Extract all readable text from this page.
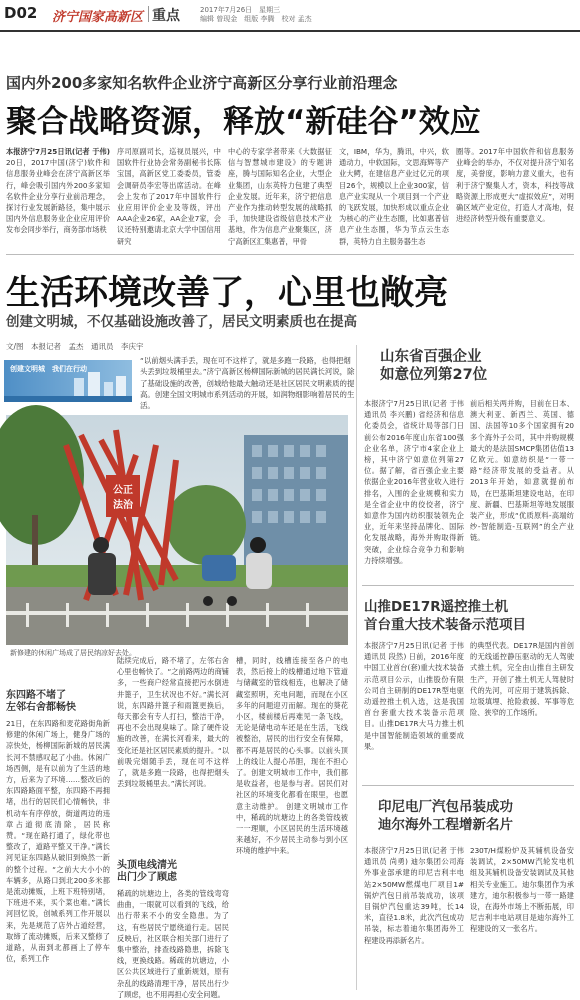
D02 济宁国家高新区 重点	2017年7月26日　星期三
编辑 曾现金　组版 李腾　校对 孟杰
国内外200多家知名软件企业济宁高新区分享行业前沿理念
聚合战略资源，释放“新硅谷”效应
本报济宁7月25日讯(记者 于伟) 20日，2017中国(济宁)软件和信息服务业峰会在济宁高新区举行，峰会吸引国内外200多家知名软件企业分享行业前沿理念，探讨行业发展新路径，集中展示国内外信息服务业企业应用评价发布会同步举行，商务部市场秩
序司原副司长，巡视员展兴，中国软件行业协会常务副秘书长陈宝国，高新区党工委委员，管委会调研员李宏等出席活动。在峰会上发布了2017年中国软件行业应用评价企业及等级，评出AAA企业26家，AA企业7家，会议还特别邀请北京大学中国信用研究
中心的专家学者带来《大数据征信与智慧城市建设》的专题讲座，腾与国际知名企业，大型企业集团，山东英特力包建了典型企业发展。近年来，济宁把信息产业作为推动转型发展的战略抓手，加快建设省级信息技术产业基地，作为信息产业聚集区，济宁高新区汇集惠普，甲骨
文，IBM，华为，腾讯，中兴，软通动力，中软国际，文思海辉等产业大鳄，在建信息产业过亿元的项目26个，规模以上企业300家，信息产业实现从一个项目到一个产业的飞跃发展，加快形成以重点企业为核心的产业生态圈，比如惠普信息产业生态圈，华为节点云生态群，英特力自主服务器生态
圈等。2017年中国软件和信息服务业峰会的举办，不仅对提升济宁知名度，美誉度，影响力意义重大，也有利于济宁聚集人才，资本，科技等战略资源上形成更大“虚拟效应”，对明确区域产业定位，打造人才高地，促进经济转型升级有重要意义。
生活环境改善了，心里也敞亮
创建文明城，不仅基础设施改善了，居民文明素质也在提高
文/图　本报记者　孟杰　通讯员　李庆宇
创建文明城　我们在行动
“以前烟头满手丢，现在可不这样了，就是多跑一段路，也得把烟头丢到垃圾桶里去。”济宁高新区杨柳国际新城的居民满长河说，除了基础设施的改善，创城给他最大触动还是社区居民文明素质的提高。创建全国文明城市系列活动的开展，如润物细影响着居民的生活。
公正
法治
新修建的休闲广场成了居民纳凉好去处。
东四路不堵了
左邻右舍都畅快
21日，在东四路和麦花路街角新修建的休闲广场上，健身广场的凉快处，杨柳国际新城的居民满长河不禁感叹起了小曲。休闲广场西侧，是有以前为了生活的地方，后来为了环境……整改后的东四路路面平整，东四路不再拥堵，出行的居民们心情畅快，非机动车有序停放，街道两边的违章占道彻底清除，居民称赞。“现在路打通了，绿化带也整改了，道路平整又干净。”满长河见证东四路从破旧到焕然一新的整个过程。“之前大大小小的车辆多，从路口到北200多米都是流动摊贩，上班下班特别堵，下班进不来，买个菜也难。”满长河回忆说，创城系列工作开展以来，先是规范了店外占道经营，取缔了流动摊贩，后来又整修了道路，从南到北都画上了停车位，系列工作
陆续完成后，路不堵了，左邻右舍心里也畅快了。“之前路两边的商铺多，一些商户经常直接把污水倒进井篦子，卫生状况也不好。”满长河说，东四路井篦子和雨篦更换后，每天都会有专人打扫，整洁干净，再也不会出现臭味了。除了硬件设施的改善，在满长河看来，最大的变化还是社区居民素质的提升。“以前吸完烟随手丢，现在可不这样了，就是多跑一段路，也得把烟头丢到垃圾桶里去。”满长河说。
头顶电线清光
出门少了顾虑
稀疏的坑塘边上，各类的管线弯弯曲曲，一眼就可以看到的飞线，给出行带来不小的安全隐患。为了这，有些居民宁愿绕道行走。居民反映后，社区联合相关部门进行了集中整治，排查线路隐患，拆除飞线，更换线路。稀疏的坑塘边，小区公共区域进行了重新规划，原有杂乱的线路清理干净，居民出行少了顾虑，也不用再担心安全问题。
槽，同时，线槽连接至各户的电表，然后接上的线槽通过地下管道与储藏室的管线相连，也解决了储藏室照明，充电问题，而现在小区多年的问题迎刃而解。现在的葵花小区，楼前楼后再难见一条飞线，无论是储电动车还是在生活，飞线被整治，居民的出行安全有保障，都不再是居民的心头事。以前头顶上的线让人提心吊胆，现在不担心了。创建文明城市工作中，我们都是收益者，也是参与者。居民们对社区的环境变化都看在眼里，也愿意主动维护。 创建文明城市工作中，稀疏的坑塘边上的各类管线被一一理顺，小区居民的生活环境越来越好，不少居民主动参与到小区环境的维护中来。
山东省百强企业
如意位列第27位
本报济宁7月25日讯(记者 于伟 通讯员 李兴鹏) 省经济和信息化委员会，省统计局等部门日前公布2016年度山东省100强企业名单，济宁市4家企业上榜，其中济宁如意位列第27位。据了解，省百强企业主要依据企业2016年营业收入进行排名，入围的企业规模和实力是全省企业中的佼佼者，济宁如意作为国内纺织服装领先企业，近年来坚持品牌化、国际化发展战略，海外并购取得新突破，企业综合竞争力和影响力持续增强。
前后相关两并购，目前在日本、澳大利亚、新西兰、英国、德国、法国等10多个国家拥有20多个海外子公司，其中并购规模最大的是法国SMCP集团估值13亿欧元。如意纺织是“一带一路”经济带发展的受益者。从2013年开始，如意就提前布局，在巴基斯坦建设电站，在印度、新疆、巴基斯坦等地发展服装产业，形成“优质原料-高端纺纱-智能制造-互联网”的全产业链。
山推DE17R遥控推土机
首台重大技术装备示范项目
本报济宁7月25日讯(记者 于伟 通讯员 段然) 日前，2016年度中国工业首台(套)重大技术装备示范项目公示，山推股份有限公司自主研制的DE17R型电驱动遥控推土机入选，这是我国首台套重大技术装备示范项目。山推DE17R大马力推土机是中国智能制造领域的重要成果。
的典型代表。DE17R是国内首创的无线遥控静压驱动的无人驾驶式推土机，完全由山推自主研发生产，开创了推土机无人驾驶时代的先河，可应用于建筑拆除、垃圾填埋、抢险救援、军事等危险、狭窄的工作场所。
印尼电厂汽包吊装成功
迪尔海外工程增新名片
本报济宁7月25日讯(记者 于伟 通讯员 尚勇) 迪尔集团公司海外事业部承建的印尼吉利丰电站2×50MW燃煤电厂项目1#锅炉汽包日前吊装成功，该项目锅炉汽包重达39吨，长14米，直径1.8米，此次汽包成功吊装，标志着迪尔集团海外工程建设再添新名片。
230T/H煤粉炉及其辅机设备安装调试，2×50MW汽轮发电机组及其辅机设备安装调试及其他相关专业施工。迪尔集团作为承建方，迪尔积极参与一带一路建设，在海外市场上不断拓展，印尼吉利丰电站项目是迪尔海外工程建设的又一张名片。
